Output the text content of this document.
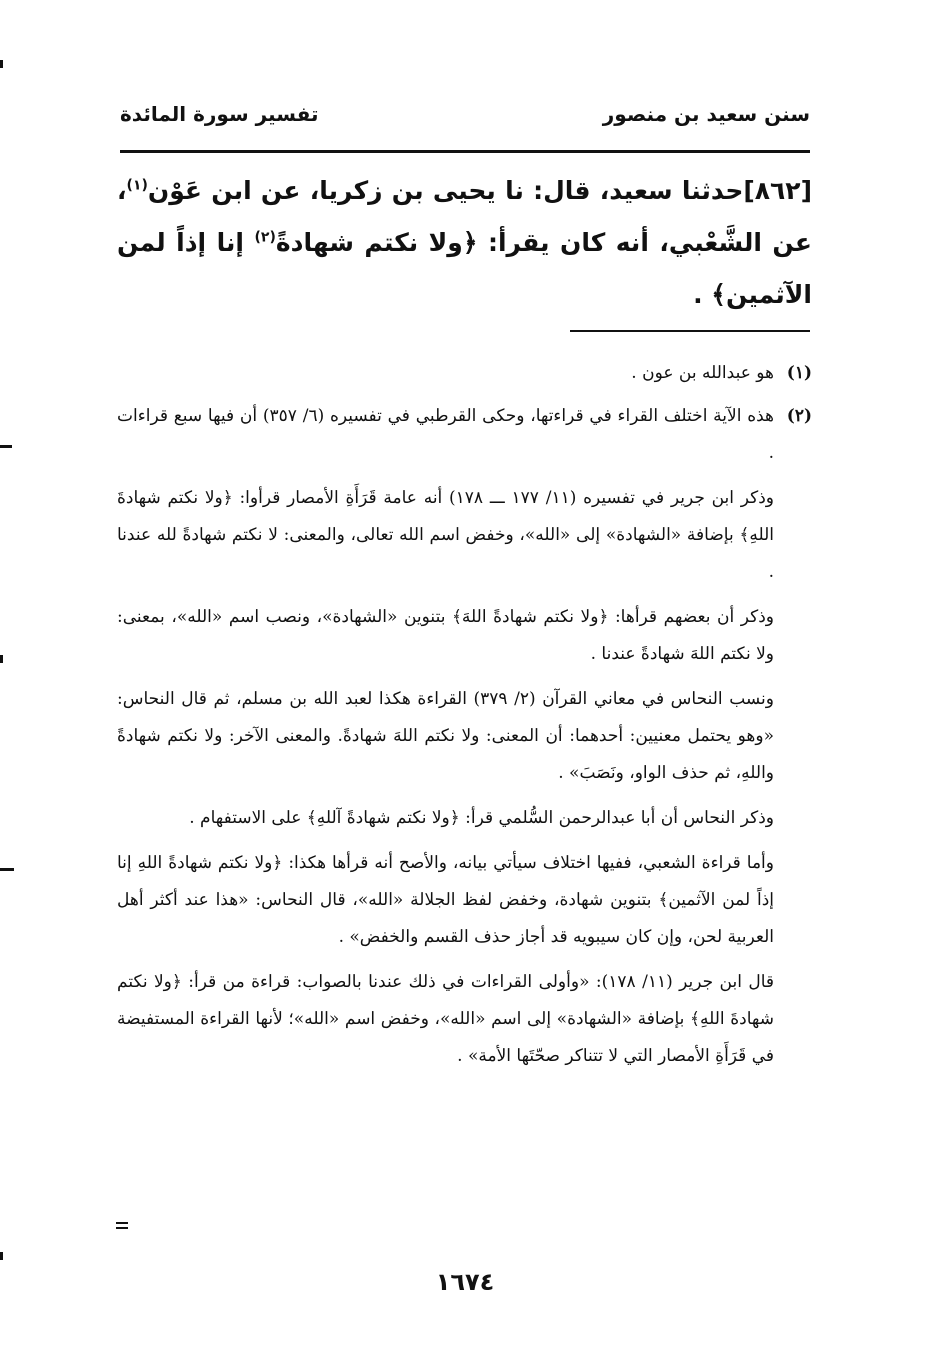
سنن سعيد بن منصور
تفسير سورة المائدة
[٨٦٢]حدثنا سعيد، قال: نا يحيى بن زكريا، عن ابن عَوْن$^{(١)}$، عن الشَّعْبي، أنه كان يقرأ: ﴿ولا نكتم شهادةً$^{(٢)}$ إنا إذاً لمن الآثمين﴾ .
(١)

هو عبدالله بن عون .

(٢)

هذه الآية اختلف القراء في قراءتها، وحكى القرطبي في تفسيره (٦/ ٣٥٧) أن فيها سبع قراءات .

وذكر ابن جرير في تفسيره (١١/ ١٧٧ ـــ ١٧٨) أنه عامة قَرَأَةِ الأمصار قرأوا: ﴿ولا نكتم شهادةَ اللهِ﴾ بإضافة «الشهادة» إلى «الله»، وخفض اسم الله تعالى، والمعنى: لا نكتم شهادةً لله عندنا .

وذكر أن بعضهم قرأها: ﴿ولا نكتم شهادةً اللهَ﴾ بتنوين «الشهادة»، ونصب اسم «الله»، بمعنى: ولا نكتم اللهَ شهادةً عندنا .

ونسب النحاس في معاني القرآن (٢/ ٣٧٩) القراءة هكذا لعبد الله بن مسلم، ثم قال النحاس: «وهو يحتمل معنيين: أحدهما: أن المعنى: ولا نكتم اللهَ شهادةً. والمعنى الآخر: ولا نكتم شهادةً واللهِ، ثم حذف الواو، ونَصَبَ» .

وذكر النحاس أن أبا عبدالرحمن السُّلمي قرأ: ﴿ولا نكتم شهادةً آللهِ﴾ على الاستفهام .

وأما قراءة الشعبي، ففيها اختلاف سيأتي بيانه، والأصح أنه قرأها هكذا: ﴿ولا نكتم شهادةً اللهِ إنا إذاً لمن الآثمين﴾ بتنوين شهادة، وخفض لفظ الجلالة «الله»، قال النحاس: «هذا عند أكثر أهل العربية لحن، وإن كان سيبويه قد أجاز حذف القسم والخفض» .

قال ابن جرير (١١/ ١٧٨): «وأولى القراءات في ذلك عندنا بالصواب: قراءة من قرأ: ﴿ولا نكتم شهادةَ اللهِ﴾ بإضافة «الشهادة» إلى اسم «الله»، وخفض اسم «الله»؛ لأنها القراءة المستفيضة في قَرَأَةِ الأمصار التي لا تتناكر صحّتَها الأمة» .

١٦٧٤
